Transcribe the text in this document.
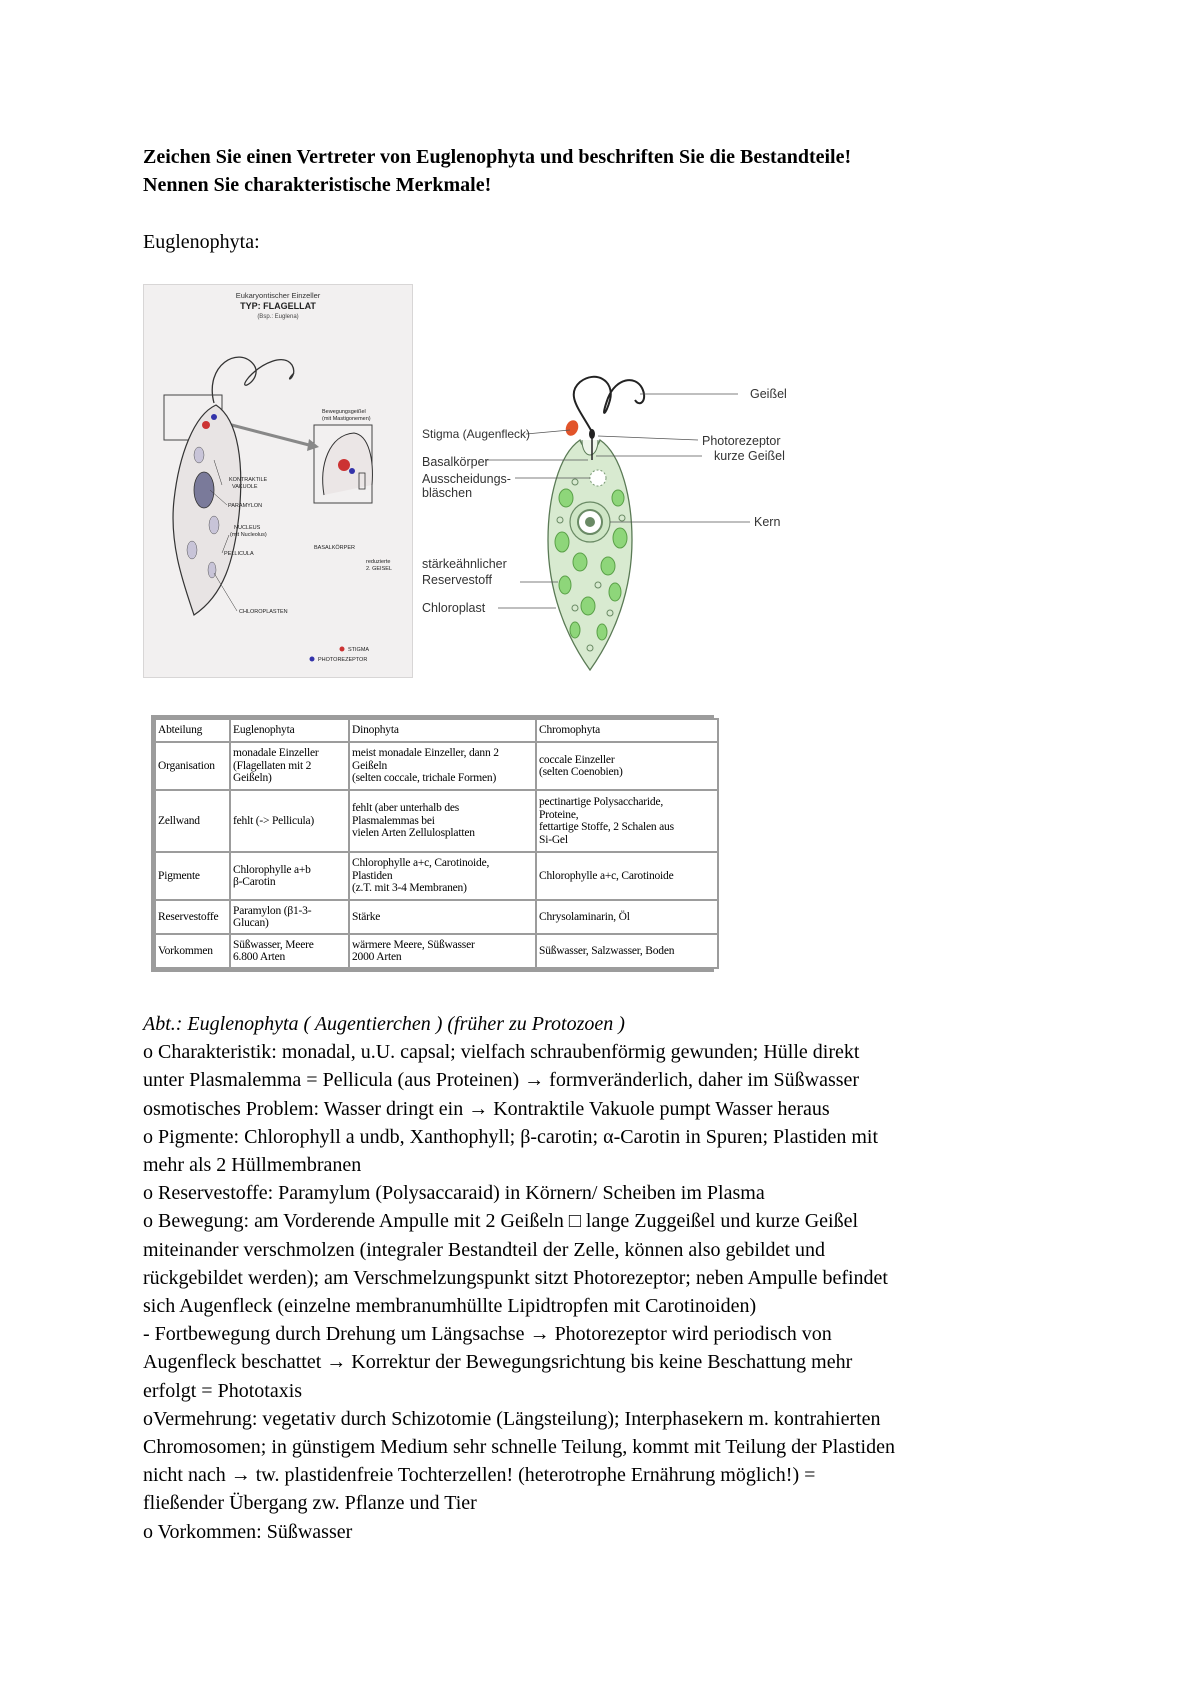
Zeichen Sie einen Vertreter von Euglenophyta und beschriften Sie die Bestandteile!
Nennen Sie charakteristische Merkmale!
Euglenophyta:
Eukaryontischer Einzeller
TYP: FLAGELLAT
(Bsp.: Euglena)
Bewegungsgeißel
(mit Mastigonemen)
KONTRAKTILE
VAKUOLE
PARAMYLON
NUCLEUS
(mit Nucleolus)
PELLICULA
BASALKÖRPER
reduzierte
2. GEISEL
CHLOROPLASTEN
STIGMA
PHOTOREZEPTOR
Geißel
Stigma (Augenfleck)	Photorezeptor
kurze Geißel
Basalkörper
Ausscheidungs-
bläschen
Kern
stärkeähnlicher
Reservestoff
Chloroplast
Abteilung	Euglenophyta	Dinophyta	Chromophyta
Organisation	monadale Einzeller
(Flagellaten mit 2
Geißeln)	meist monadale Einzeller, dann 2
Geißeln
(selten coccale, trichale Formen)	coccale Einzeller
(selten Coenobien)

Zellwand	fehlt (-> Pellicula)	fehlt (aber unterhalb des
Plasmalemmas bei
vielen Arten Zellulosplatten	pectinartige Polysaccharide,
Proteine,
fettartige Stoffe, 2 Schalen aus
Si-Gel

Pigmente	Chlorophylle a+b
β-Carotin	Chlorophylle a+c, Carotinoide,
Plastiden
(z.T. mit 3-4 Membranen)	Chlorophylle a+c, Carotinoide

Reservestoffe	Paramylon (β1-3-
Glucan)	Stärke	Chrysolaminarin, Öl

Vorkommen	Süßwasser, Meere
6.800 Arten	wärmere Meere, Süßwasser
2000 Arten	Süßwasser, Salzwasser, Boden
Abt.: Euglenophyta ( Augentierchen ) (früher zu Protozoen )
o Charakteristik: monadal, u.U. capsal; vielfach schraubenförmig gewunden; Hülle direkt
unter Plasmalemma = Pellicula (aus Proteinen) → formveränderlich, daher im Süßwasser
osmotisches Problem: Wasser dringt ein → Kontraktile Vakuole pumpt Wasser heraus
o Pigmente: Chlorophyll a undb, Xanthophyll; β-carotin; α-Carotin in Spuren; Plastiden mit
mehr als 2 Hüllmembranen
o Reservestoffe: Paramylum (Polysaccaraid) in Körnern/ Scheiben im Plasma
o Bewegung: am Vorderende Ampulle mit 2 Geißeln □ lange Zuggeißel und kurze Geißel
miteinander verschmolzen (integraler Bestandteil der Zelle, können also gebildet und
rückgebildet werden); am Verschmelzungspunkt sitzt Photorezeptor; neben Ampulle befindet
sich Augenfleck (einzelne membranumhüllte Lipidtropfen mit Carotinoiden)
- Fortbewegung durch Drehung um Längsachse → Photorezeptor wird periodisch von
Augenfleck beschattet → Korrektur der Bewegungsrichtung bis keine Beschattung mehr
erfolgt = Phototaxis
oVermehrung: vegetativ durch Schizotomie (Längsteilung); Interphasekern m. kontrahierten
Chromosomen; in günstigem Medium sehr schnelle Teilung, kommt mit Teilung der Plastiden
nicht nach → tw. plastidenfreie Tochterzellen! (heterotrophe Ernährung möglich!) =
fließender Übergang zw. Pflanze und Tier
o Vorkommen: Süßwasser
